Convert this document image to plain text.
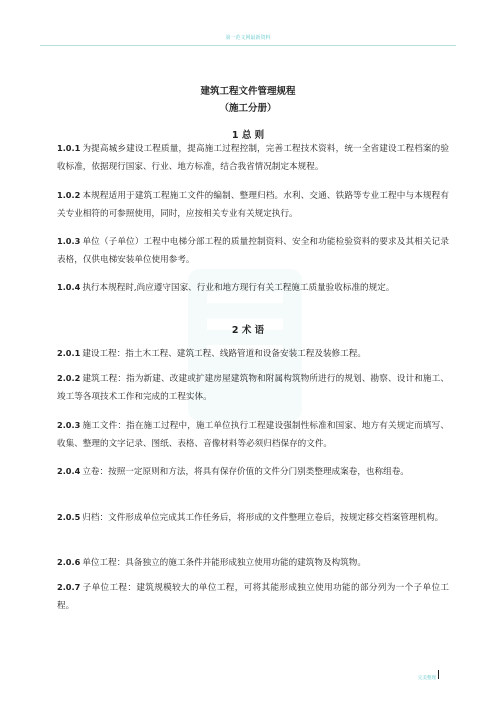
第一范文网最新资料
建筑工程文件管理规程
（施工分册）
1 总 则
1.0.1 为提高城乡建设工程质量，提高施工过程控制，完善工程技术资料，统一全省建设工程档案的验收标准，依据现行国家、行业、地方标准，结合我省情况制定本规程。
1.0.2 本规程适用于建筑工程施工文件的编制、整理归档。水利、交通、铁路等专业工程中与本规程有关专业相符的可参照使用，同时，应按相关专业有关规定执行。
1.0.3 单位（子单位）工程中电梯分部工程的质量控制资料、安全和功能检验资料的要求及其相关记录表格，仅供电梯安装单位使用参考。
1.0.4 执行本规程时,尚应遵守国家、行业和地方现行有关工程施工质量验收标准的规定。
2 术 语
2.0.1 建设工程：指土木工程、建筑工程、线路管道和设备安装工程及装修工程。
2.0.2 建筑工程：指为新建、改建或扩建房屋建筑物和附属构筑物所进行的规划、勘察、设计和施工、竣工等各项技术工作和完成的工程实体。
2.0.3 施工文件：指在施工过程中，施工单位执行工程建设强制性标准和国家、地方有关规定而填写、收集、整理的文字记录、图纸、表格、音像材料等必须归档保存的文件。
2.0.4 立卷：按照一定原则和方法，将具有保存价值的文件分门别类整理成案卷，也称组卷。
2.0.5 归档：文件形成单位完成其工作任务后，将形成的文件整理立卷后，按规定移交档案管理机构。
2.0.6 单位工程：具备独立的施工条件并能形成独立使用功能的建筑物及构筑物。
2.0.7 子单位工程：建筑规模较大的单位工程，可将其能形成独立使用功能的部分列为一个子单位工程。
完美整理
